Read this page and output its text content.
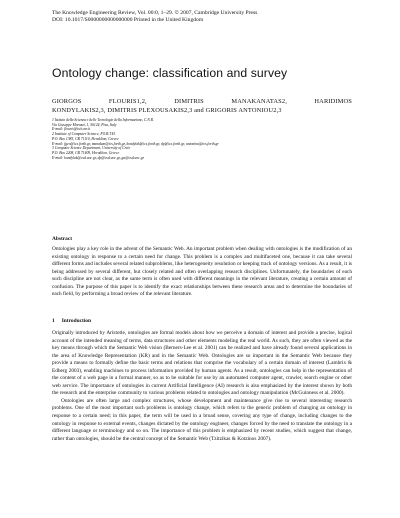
The Knowledge Engineering Review, Vol. 00:0, 1–29. © 2007, Cambridge University Press
DOI: 10.1017/S0000000000000000 Printed in the United Kingdom
Ontology change: classification and survey
GIORGOS FLOURIS1,2, DIMITRIS MANAKANATAS2, HARIDIMOS
KONDYLAKIS2,3, DIMITRIS PLEXOUSAKIS2,3 and GRIGORIS ANTONIOU2,3
1 Istituto della Scienza e delle Tecnologie della Informazione, C.N.R.
Via Giuseppe Moruzzi, 1, 56124, Pisa, Italy
E-mail: flouris@isti.cnr.it
2 Institute of Computer Science, FO.R.T.H.
P.O. Box 1385, GR 71110, Heraklion, Greece
E-mail: fgeo@ics.forth.gr, manakan@ics.forth.gr, kondylak@ics.forth.gr, dp@ics.forth.gr, antoniou@ics.forth.gr
3 Computer Science Department, University of Crete
P.O. Box 2208, GR 71409, Heraklion, Greece
E-mail: kondylak@csd.uoc.gr, dp@csd.uoc.gr, ga@csd.uoc.gr
Abstract
Ontologies play a key role in the advent of the Semantic Web. An important problem when dealing with ontologies is the modification of an existing ontology in response to a certain need for change. This problem is a complex and multifaceted one, because it can take several different forms and includes several related subproblems, like heterogeneity resolution or keeping track of ontology versions. As a result, it is being addressed by several different, but closely related and often overlapping research disciplines. Unfortunately, the boundaries of each such discipline are not clear, as the same term is often used with different meanings in the relevant literature, creating a certain amount of confusion. The purpose of this paper is to identify the exact relationships between these research areas and to determine the boundaries of each field, by performing a broad review of the relevant literature.
1 Introduction

Originally introduced by Aristotle, ontologies are formal models about how we perceive a domain of interest and provide a precise, logical account of the intended meaning of terms, data structures and other elements modeling the real world. As such, they are often viewed as the key means through which the Semantic Web vision (Berners-Lee et al. 2001) can be realized and have already found several applications in the area of Knowledge Representation (KR) and in the Semantic Web. Ontologies are so important in the Semantic Web because they provide a means to formally define the basic terms and relations that comprise the vocabulary of a certain domain of interest (Lambrix & Edberg 2003), enabling machines to process information provided by human agents. As a result, ontologies can help in the representation of the content of a web page in a formal manner, so as to be suitable for use by an automated computer agent, crawler, search engine or other web service. The importance of ontologies in current Artificial Intelligence (AI) research is also emphasized by the interest shown by both the research and the enterprise community to various problems related to ontologies and ontology manipulation (McGuinness et al. 2000).

Ontologies are often large and complex structures, whose development and maintenance give rise to several interesting research problems. One of the most important such problems is ontology change, which refers to the generic problem of changing an ontology in response to a certain need; in this paper, the term will be used in a broad sense, covering any type of change, including changes to the ontology in response to external events, changes dictated by the ontology engineer, changes forced by the need to translate the ontology in a different language or terminology and so on. The importance of this problem is emphasized by recent studies, which suggest that change, rather than ontologies, should be the central concept of the Semantic Web (Tzitzikas & Kotzinos 2007).
